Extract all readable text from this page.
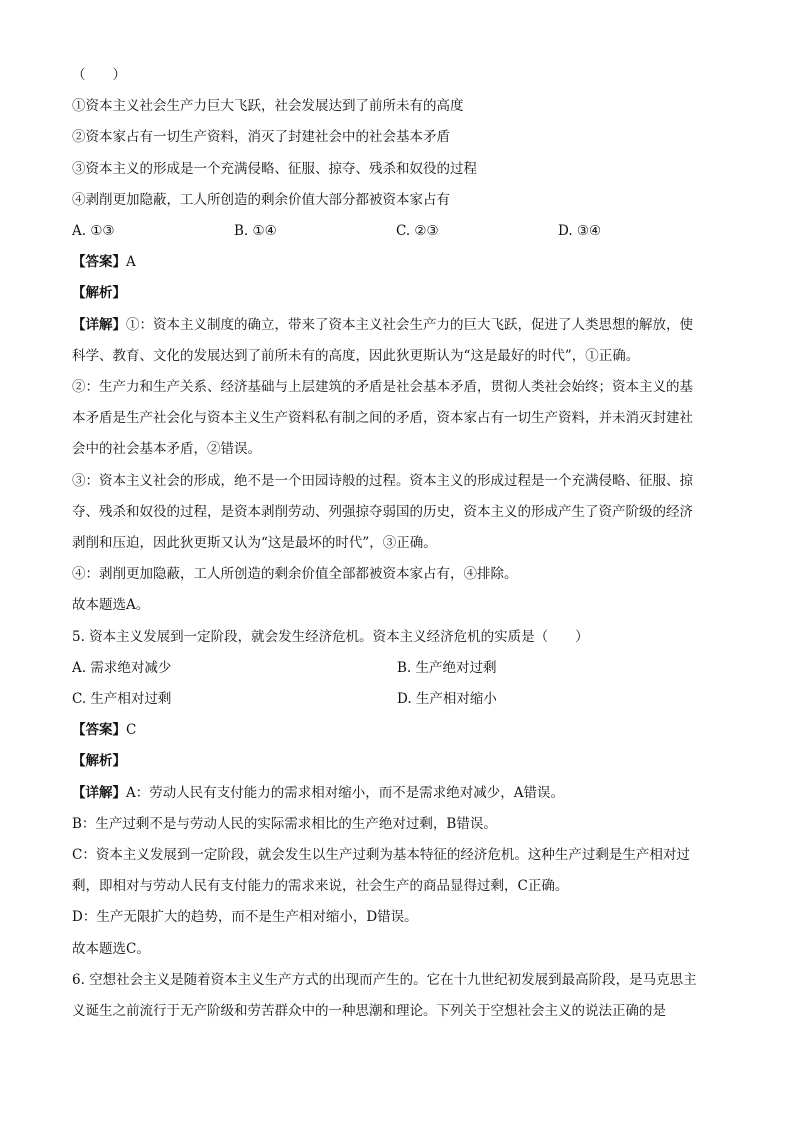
（　　）
①资本主义社会生产力巨大飞跃，社会发展达到了前所未有的高度
②资本家占有一切生产资料，消灭了封建社会中的社会基本矛盾
③资本主义的形成是一个充满侵略、征服、掠夺、残杀和奴役的过程
④剥削更加隐蔽，工人所创造的剩余价值大部分都被资本家占有
A. ①③	B. ①④	C. ②③	D. ③④
【答案】A
【解析】
【详解】①：资本主义制度的确立，带来了资本主义社会生产力的巨大飞跃，促进了人类思想的解放，使
科学、教育、文化的发展达到了前所未有的高度，因此狄更斯认为“这是最好的时代”，①正确。
②：生产力和生产关系、经济基础与上层建筑的矛盾是社会基本矛盾，贯彻人类社会始终；资本主义的基
本矛盾是生产社会化与资本主义生产资料私有制之间的矛盾，资本家占有一切生产资料，并未消灭封建社
会中的社会基本矛盾，②错误。
③：资本主义社会的形成，绝不是一个田园诗般的过程。资本主义的形成过程是一个充满侵略、征服、掠
夺、残杀和奴役的过程，是资本剥削劳动、列强掠夺弱国的历史，资本主义的形成产生了资产阶级的经济
剥削和压迫，因此狄更斯又认为“这是最坏的时代”，③正确。
④：剥削更加隐蔽，工人所创造的剩余价值全部都被资本家占有，④排除。
故本题选A。
5. 资本主义发展到一定阶段，就会发生经济危机。资本主义经济危机的实质是（　　）
A. 需求绝对减少	B. 生产绝对过剩
C. 生产相对过剩	D. 生产相对缩小
【答案】C
【解析】
【详解】A：劳动人民有支付能力的需求相对缩小，而不是需求绝对减少，A错误。
B：生产过剩不是与劳动人民的实际需求相比的生产绝对过剩，B错误。
C：资本主义发展到一定阶段，就会发生以生产过剩为基本特征的经济危机。这种生产过剩是生产相对过
剩，即相对与劳动人民有支付能力的需求来说，社会生产的商品显得过剩，C正确。
D：生产无限扩大的趋势，而不是生产相对缩小，D错误。
故本题选C。
6. 空想社会主义是随着资本主义生产方式的出现而产生的。它在十九世纪初发展到最高阶段，是马克思主
义诞生之前流行于无产阶级和劳苦群众中的一种思潮和理论。下列关于空想社会主义的说法正确的是
